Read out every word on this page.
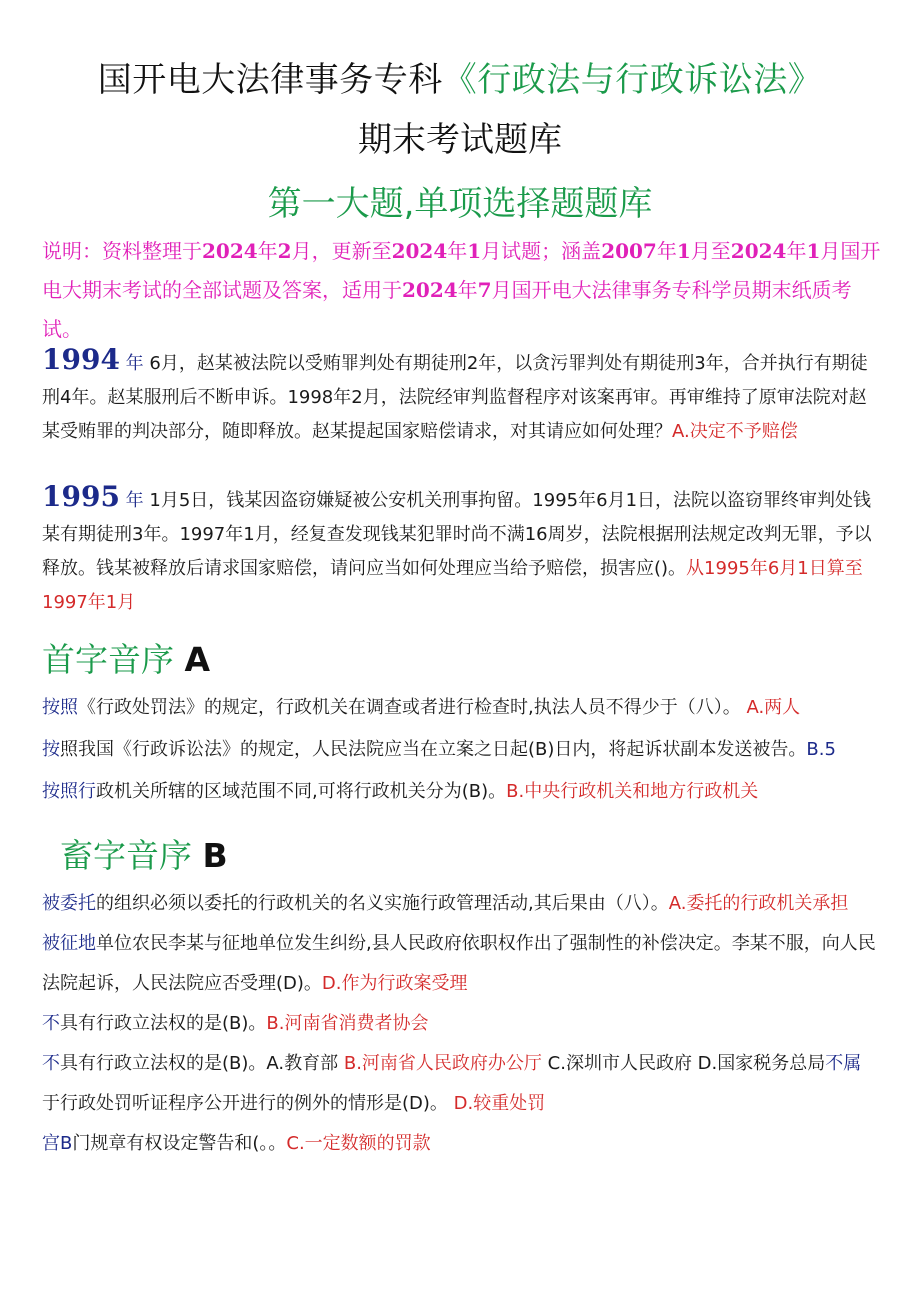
国开电大法律事务专科《行政法与行政诉讼法》
期末考试题库
第一大题,单项选择题题库
说明：资料整理于2024年2月，更新至2024年1月试题；涵盖2007年1月至2024年1月国开电大期末考试的全部试题及答案，适用于2024年7月国开电大法律事务专科学员期末纸质考试。
1994 年 6月，赵某被法院以受贿罪判处有期徒刑2年，以贪污罪判处有期徒刑3年，合并执行有期徒刑4年。赵某服刑后不断申诉。1998年2月，法院经审判监督程序对该案再审。再审维持了原审法院对赵某受贿罪的判决部分，随即释放。赵某提起国家赔偿请求，对其请应如何处理？A.决定不予赔偿
1995 年 1月5日，钱某因盗窃嫌疑被公安机关刑事拘留。1995年6月1日，法院以盗窃罪终审判处钱某有期徒刑3年。1997年1月，经复查发现钱某犯罪时尚不满16周岁，法院根据刑法规定改判无罪，予以释放。钱某被释放后请求国家赔偿，请问应当如何处理应当给予赔偿，损害应()。从1995年6月1日算至1997年1月
首字音序 A
按照《行政处罚法》的规定，行政机关在调查或者进行检查时,执法人员不得少于（八）。 A.两人
按照我国《行政诉讼法》的规定，人民法院应当在立案之日起(B)日内，将起诉状副本发送被告。B.5
按照行政机关所辖的区域范围不同,可将行政机关分为(B)。B.中央行政机关和地方行政机关
畜字音序 B
被委托的组织必须以委托的行政机关的名义实施行政管理活动,其后果由（八）。A.委托的行政机关承担
被征地单位农民李某与征地单位发生纠纷,县人民政府依职权作出了强制性的补偿决定。李某不服，向人民法院起诉，人民法院应否受理(D)。D.作为行政案受理
不具有行政立法权的是(B)。B.河南省消费者协会
不具有行政立法权的是(B)。A.教育部 B.河南省人民政府办公厅 C.深圳市人民政府 D.国家税务总局不属
于行政处罚听证程序公开进行的例外的情形是(D)。 D.较重处罚
宫B门规章有权设定警告和(。。C.一定数额的罚款
